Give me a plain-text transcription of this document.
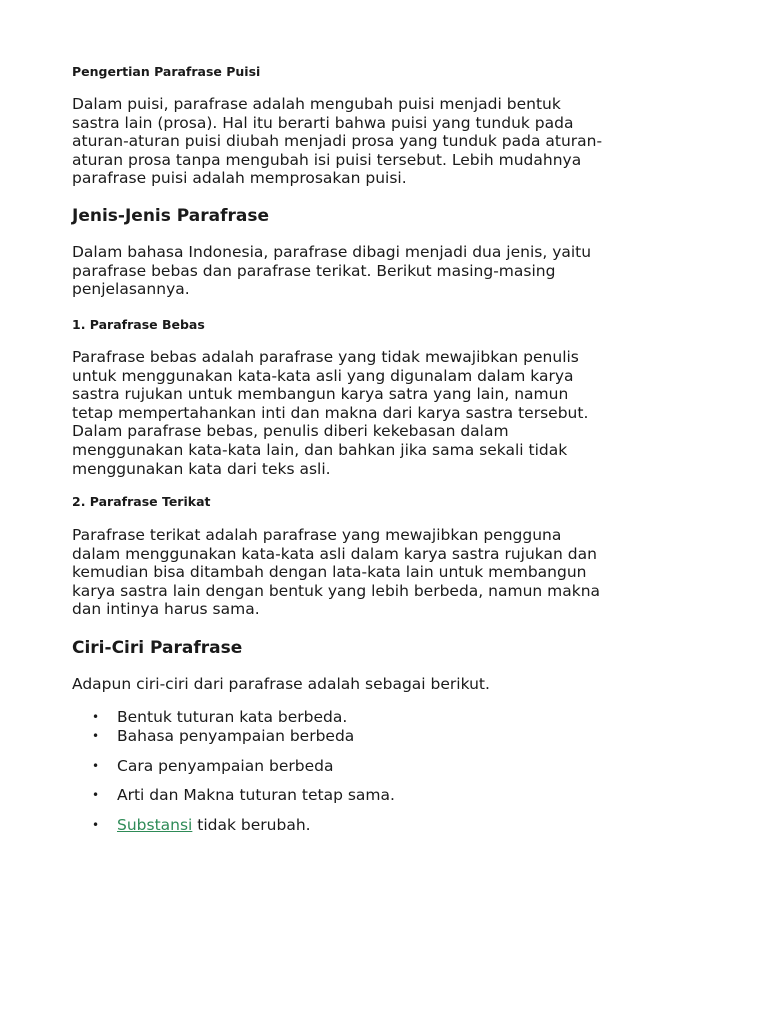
Pengertian Parafrase Puisi

Dalam puisi, parafrase adalah mengubah puisi menjadi bentuk
sastra lain (prosa). Hal itu berarti bahwa puisi yang tunduk pada
aturan-aturan puisi diubah menjadi prosa yang tunduk pada aturan-
aturan prosa tanpa mengubah isi puisi tersebut. Lebih mudahnya
parafrase puisi adalah memprosakan puisi.

Jenis-Jenis Parafrase

Dalam bahasa Indonesia, parafrase dibagi menjadi dua jenis, yaitu
parafrase bebas dan parafrase terikat. Berikut masing-masing
penjelasannya.

1. Parafrase Bebas

Parafrase bebas adalah parafrase yang tidak mewajibkan penulis
untuk menggunakan kata-kata asli yang digunalam dalam karya
sastra rujukan untuk membangun karya satra yang lain, namun
tetap mempertahankan inti dan makna dari karya sastra tersebut.
Dalam parafrase bebas, penulis diberi kekebasan dalam
menggunakan kata-kata lain, dan bahkan jika sama sekali tidak
menggunakan kata dari teks asli.

2. Parafrase Terikat

Parafrase terikat adalah parafrase yang mewajibkan pengguna
dalam menggunakan kata-kata asli dalam karya sastra rujukan dan
kemudian bisa ditambah dengan lata-kata lain untuk membangun
karya sastra lain dengan bentuk yang lebih berbeda, namun makna
dan intinya harus sama.

Ciri-Ciri Parafrase

Adapun ciri-ciri dari parafrase adalah sebagai berikut.

• Bentuk tuturan kata berbeda.
• Bahasa penyampaian berbeda
• Cara penyampaian berbeda
• Arti dan Makna tuturan tetap sama.
• Substansi tidak berubah.
